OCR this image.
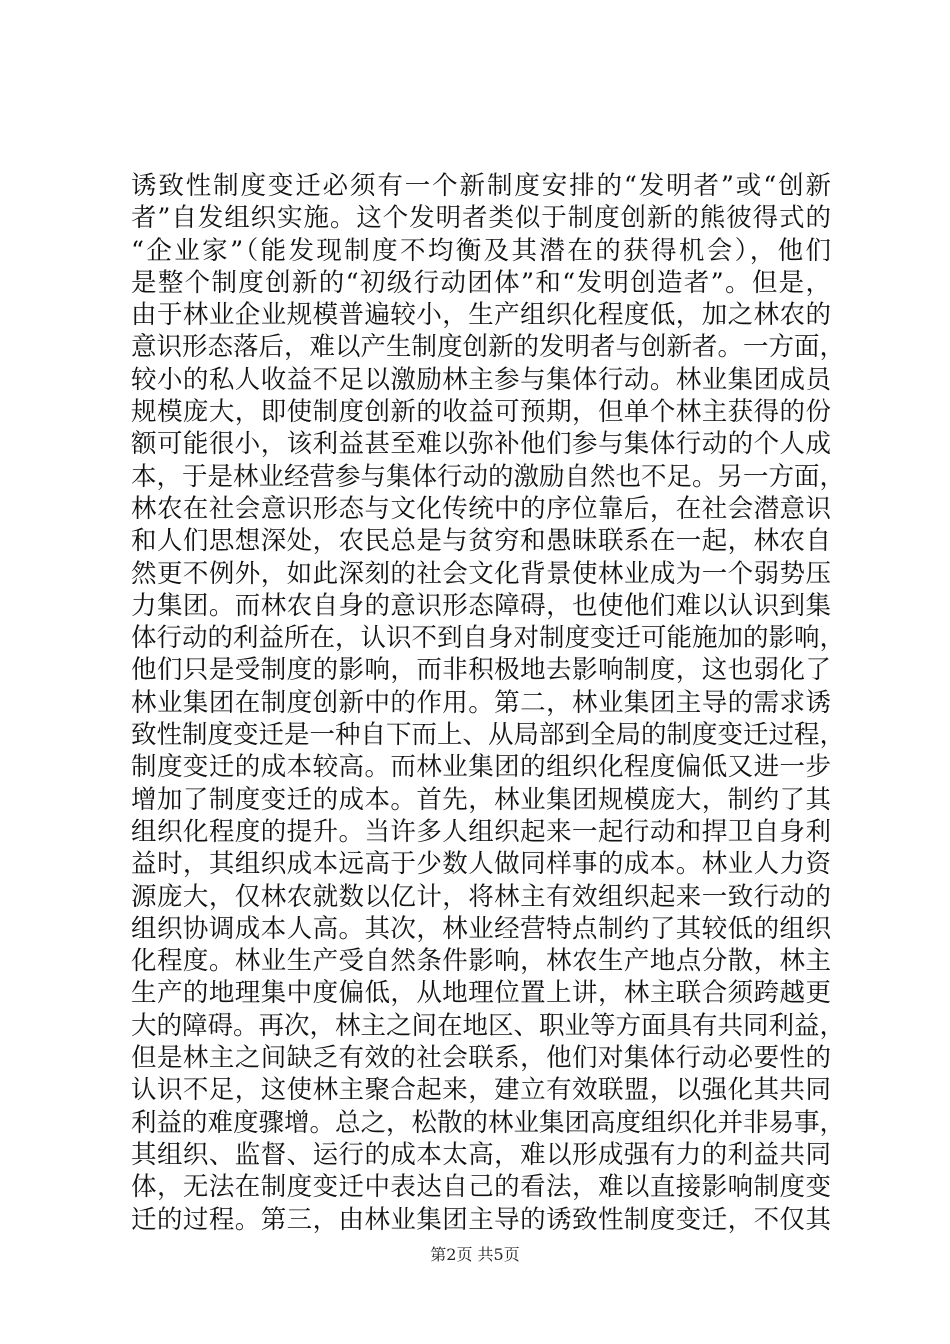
诱致性制度变迁必须有一个新制度安排的“发明者”或“创新
者”自发组织实施。这个发明者类似于制度创新的熊彼得式的
“企业家”（能发现制度不均衡及其潜在的获得机会），他们
是整个制度创新的“初级行动团体”和“发明创造者”。但是，
由于林业企业规模普遍较小，生产组织化程度低，加之林农的
意识形态落后，难以产生制度创新的发明者与创新者。一方面，
较小的私人收益不足以激励林主参与集体行动。林业集团成员
规模庞大，即使制度创新的收益可预期，但单个林主获得的份
额可能很小，该利益甚至难以弥补他们参与集体行动的个人成
本，于是林业经营参与集体行动的激励自然也不足。另一方面，
林农在社会意识形态与文化传统中的序位靠后，在社会潜意识
和人们思想深处，农民总是与贫穷和愚昧联系在一起，林农自
然更不例外，如此深刻的社会文化背景使林业成为一个弱势压
力集团。而林农自身的意识形态障碍，也使他们难以认识到集
体行动的利益所在，认识不到自身对制度变迁可能施加的影响，
他们只是受制度的影响，而非积极地去影响制度，这也弱化了
林业集团在制度创新中的作用。第二，林业集团主导的需求诱
致性制度变迁是一种自下而上、从局部到全局的制度变迁过程，
制度变迁的成本较高。而林业集团的组织化程度偏低又进一步
增加了制度变迁的成本。首先，林业集团规模庞大，制约了其
组织化程度的提升。当许多人组织起来一起行动和捍卫自身利
益时，其组织成本远高于少数人做同样事的成本。林业人力资
源庞大，仅林农就数以亿计，将林主有效组织起来一致行动的
组织协调成本人高。其次，林业经营特点制约了其较低的组织
化程度。林业生产受自然条件影响，林农生产地点分散，林主
生产的地理集中度偏低，从地理位置上讲，林主联合须跨越更
大的障碍。再次，林主之间在地区、职业等方面具有共同利益，
但是林主之间缺乏有效的社会联系，他们对集体行动必要性的
认识不足，这使林主聚合起来，建立有效联盟，以强化其共同
利益的难度骤增。总之，松散的林业集团高度组织化并非易事，
其组织、监督、运行的成本太高，难以形成强有力的利益共同
体，无法在制度变迁中表达自己的看法，难以直接影响制度变
迁的过程。第三，由林业集团主导的诱致性制度变迁，不仅其
第2页 共5页
